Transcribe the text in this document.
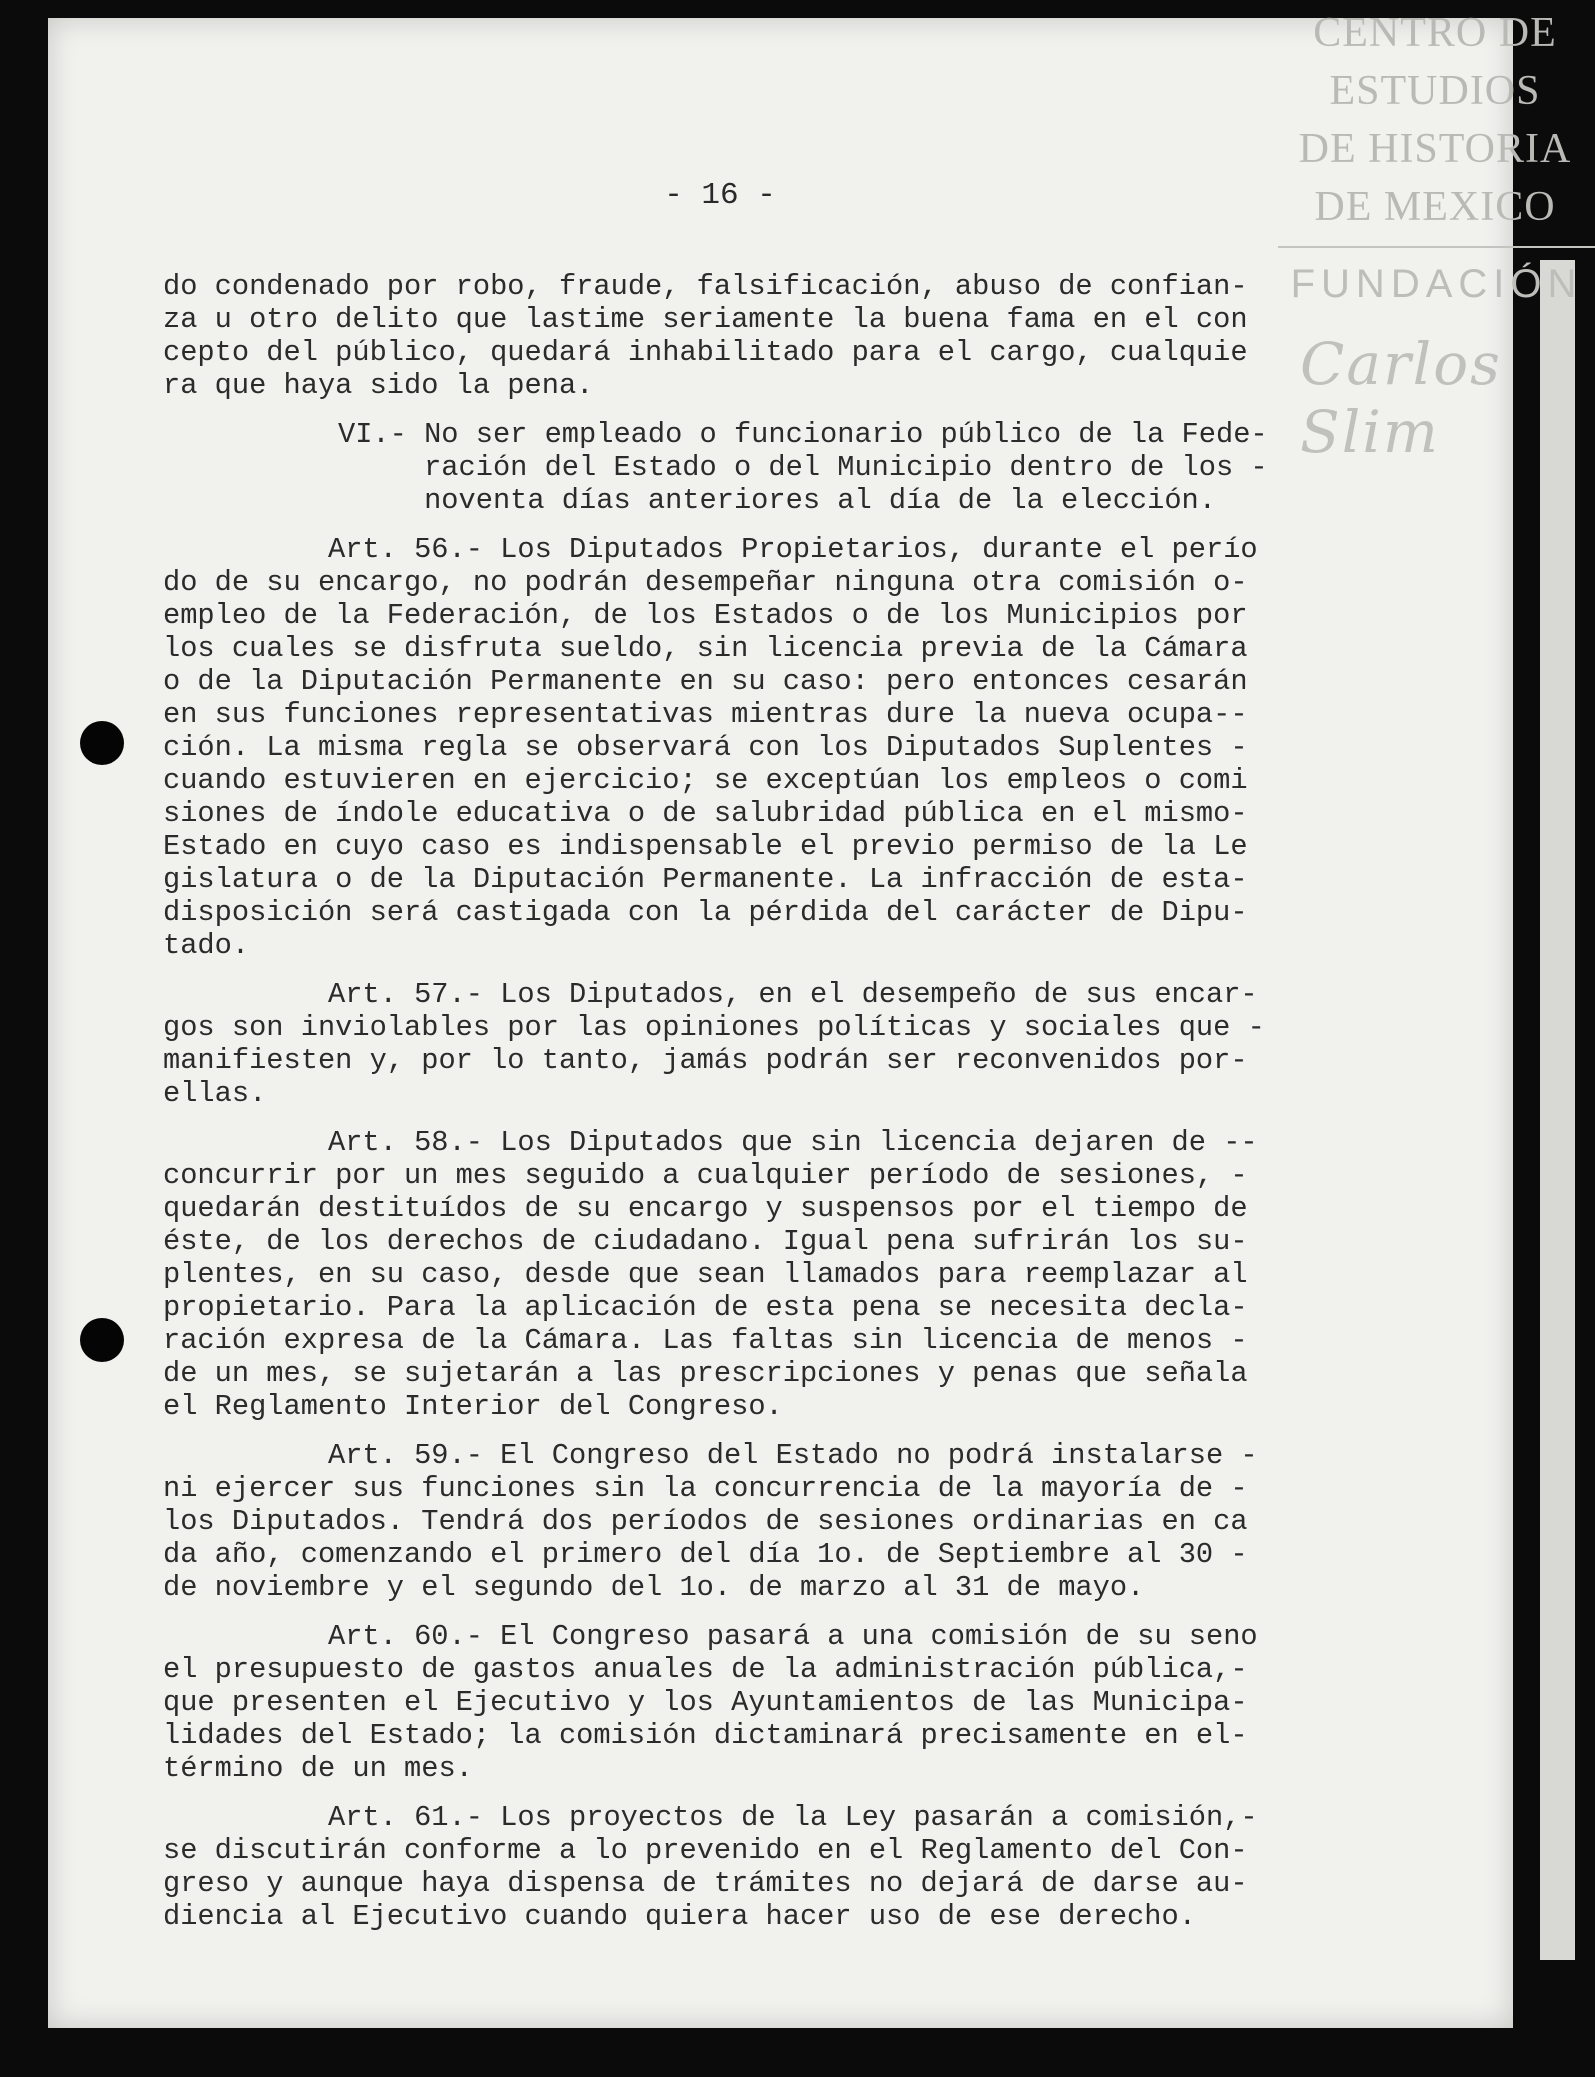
CENTRO DE
ESTUDIOS
DE HISTORIA
DE MEXICO
FUNDACIÓN
Carlos Slim
- 16 -
do condenado por robo, fraude, falsificación, abuso de confian-
za u otro delito que lastime seriamente la buena fama en el con
cepto del público, quedará inhabilitado para el cargo, cualquie
ra que haya sido la pena.
VI.- No ser empleado o funcionario público de la Fede-
ración del Estado o del Municipio dentro de los -
noventa días anteriores al día de la elección.
Art. 56.- Los Diputados Propietarios, durante el perío
do de su encargo, no podrán desempeñar ninguna otra comisión o-
empleo de la Federación, de los Estados o de los Municipios por
los cuales se disfruta sueldo, sin licencia previa de la Cámara
o de la Diputación Permanente en su caso: pero entonces cesarán
en sus funciones representativas mientras dure la nueva ocupa--
ción. La misma regla se observará con los Diputados Suplentes -
cuando estuvieren en ejercicio; se exceptúan los empleos o comi
siones de índole educativa o de salubridad pública en el mismo-
Estado en cuyo caso es indispensable el previo permiso de la Le
gislatura o de la Diputación Permanente. La infracción de esta-
disposición será castigada con la pérdida del carácter de Dipu-
tado.
Art. 57.- Los Diputados, en el desempeño de sus encar-
gos son inviolables por las opiniones políticas y sociales que -
manifiesten y, por lo tanto, jamás podrán ser reconvenidos por-
ellas.
Art. 58.- Los Diputados que sin licencia dejaren de --
concurrir por un mes seguido a cualquier período de sesiones, -
quedarán destituídos de su encargo y suspensos por el tiempo de
éste, de los derechos de ciudadano. Igual pena sufrirán los su-
plentes, en su caso, desde que sean llamados para reemplazar al
propietario. Para la aplicación de esta pena se necesita decla-
ración expresa de la Cámara. Las faltas sin licencia de menos -
de un mes, se sujetarán a las prescripciones y penas que señala
el Reglamento Interior del Congreso.
Art. 59.- El Congreso del Estado no podrá instalarse -
ni ejercer sus funciones sin la concurrencia de la mayoría de -
los Diputados. Tendrá dos períodos de sesiones ordinarias en ca
da año, comenzando el primero del día 1o. de Septiembre al 30 -
de noviembre y el segundo del 1o. de marzo al 31 de mayo.
Art. 60.- El Congreso pasará a una comisión de su seno
el presupuesto de gastos anuales de la administración pública,-
que presenten el Ejecutivo y los Ayuntamientos de las Municipa-
lidades del Estado; la comisión dictaminará precisamente en el-
término de un mes.
Art. 61.- Los proyectos de la Ley pasarán a comisión,-
se discutirán conforme a lo prevenido en el Reglamento del Con-
greso y aunque haya dispensa de trámites no dejará de darse au-
diencia al Ejecutivo cuando quiera hacer uso de ese derecho.
